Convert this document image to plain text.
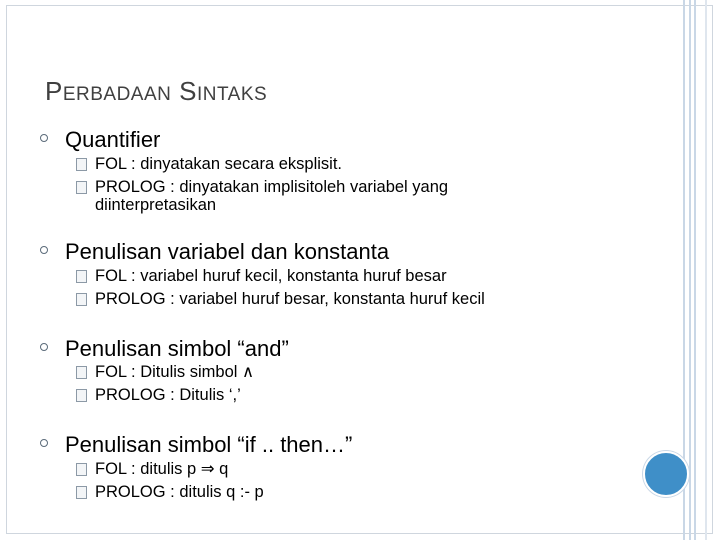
PERBADAAN SINTAKS
Quantifier
FOL : dinyatakan secara eksplisit.
PROLOG : dinyatakan implisitoleh variabel yang
diinterpretasikan
Penulisan variabel dan konstanta
FOL : variabel huruf kecil, konstanta huruf besar
PROLOG : variabel huruf besar, konstanta huruf kecil
Penulisan simbol “and”
FOL : Ditulis simbol ∧
PROLOG : Ditulis ‘,’
Penulisan simbol “if .. then…”
FOL : ditulis p ⇒ q
PROLOG : ditulis q :- p
